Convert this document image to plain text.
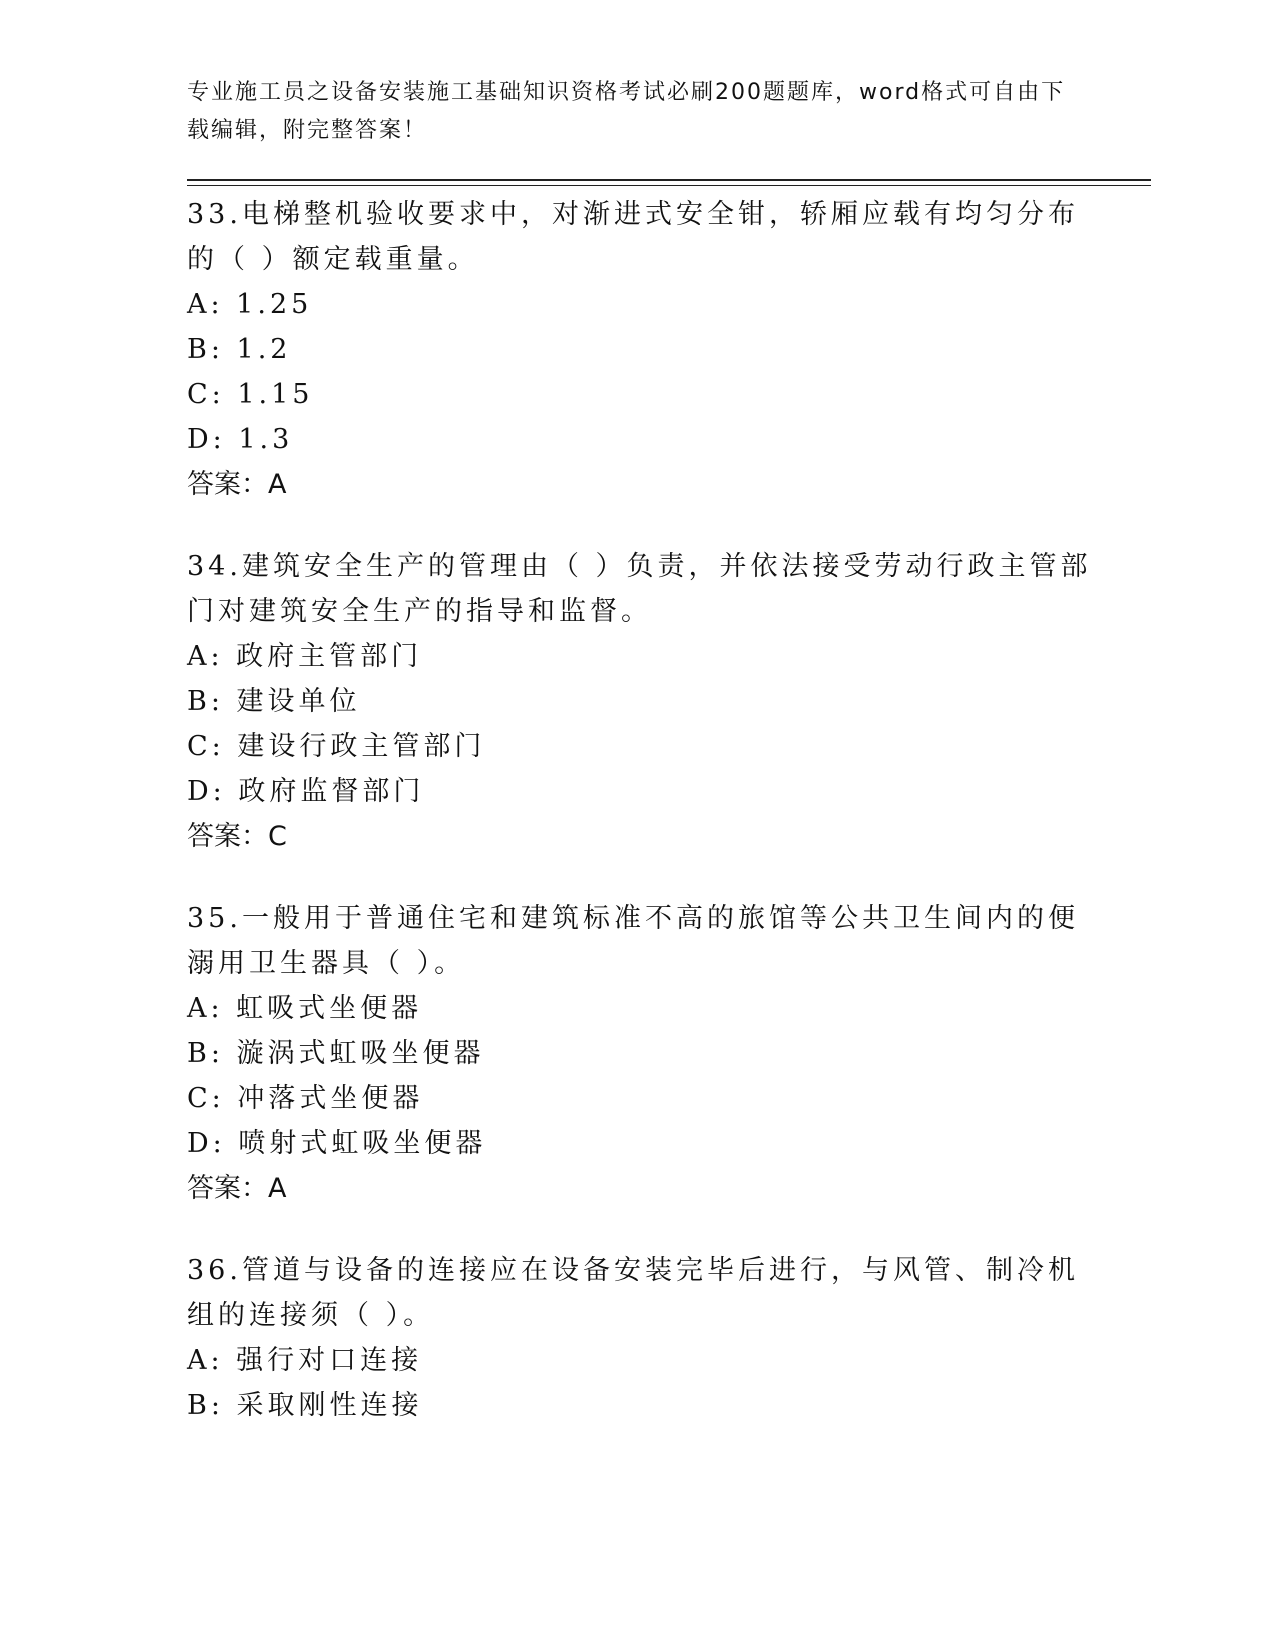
专业施工员之设备安装施工基础知识资格考试必刷200题题库，word格式可自由下载编辑，附完整答案！
33.电梯整机验收要求中，对渐进式安全钳，轿厢应载有均匀分布的（ ）额定载重量。
A: 1.25
B: 1.2
C: 1.15
D: 1.3
答案：A
34.建筑安全生产的管理由（ ）负责，并依法接受劳动行政主管部门对建筑安全生产的指导和监督。
A: 政府主管部门
B: 建设单位
C: 建设行政主管部门
D: 政府监督部门
答案：C
35.一般用于普通住宅和建筑标准不高的旅馆等公共卫生间内的便溺用卫生器具（ ）。
A: 虹吸式坐便器
B: 漩涡式虹吸坐便器
C: 冲落式坐便器
D: 喷射式虹吸坐便器
答案：A
36.管道与设备的连接应在设备安装完毕后进行，与风管、制冷机组的连接须（ ）。
A: 强行对口连接
B: 采取刚性连接
